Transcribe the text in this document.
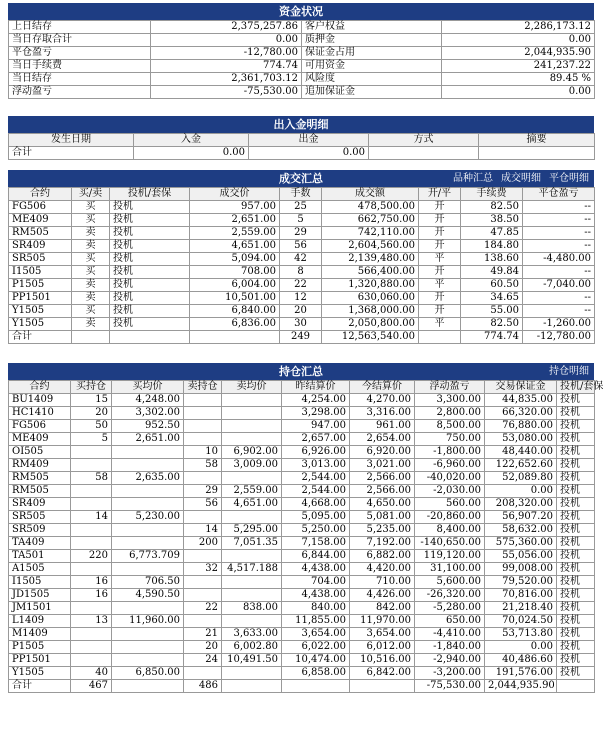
资金状况
上日结存	2,375,257.86	客户权益	2,286,173.12
当日存取合计	0.00	质押金	0.00
平仓盈亏	-12,780.00	保证金占用	2,044,935.90
当日手续费	774.74	可用资金	241,237.22
当日结存	2,361,703.12	风险度	89.45 %
浮动盈亏	-75,530.00	追加保证金	0.00
出入金明细
发生日期	入金	出金	方式	摘要
合计	0.00	0.00		
成交汇总	品种汇总 成交明细 平仓明细
合约	买/卖	投机/套保	成交价	手数	成交额	开/平	手续费	平仓盈亏
FG506	买	投机	957.00	25	478,500.00	开	82.50	--
ME409	买	投机	2,651.00	5	662,750.00	开	38.50	--
RM505	卖	投机	2,559.00	29	742,110.00	开	47.85	--
SR409	卖	投机	4,651.00	56	2,604,560.00	开	184.80	--
SR505	买	投机	5,094.00	42	2,139,480.00	平	138.60	-4,480.00
I1505	买	投机	708.00	8	566,400.00	开	49.84	--
P1505	卖	投机	6,004.00	22	1,320,880.00	平	60.50	-7,040.00
PP1501	卖	投机	10,501.00	12	630,060.00	开	34.65	--
Y1505	买	投机	6,840.00	20	1,368,000.00	开	55.00	--
Y1505	卖	投机	6,836.00	30	2,050,800.00	平	82.50	-1,260.00
合计				249	12,563,540.00		774.74	-12,780.00
持仓汇总	持仓明细
合约	买持仓	买均价	卖持仓	卖均价	昨结算价	今结算价	浮动盈亏	交易保证金	投机/套保
BU1409	15	4,248.00			4,254.00	4,270.00	3,300.00	44,835.00	投机
HC1410	20	3,302.00			3,298.00	3,316.00	2,800.00	66,320.00	投机
FG506	50	952.50			947.00	961.00	8,500.00	76,880.00	投机
ME409	5	2,651.00			2,657.00	2,654.00	750.00	53,080.00	投机
OI505			10	6,902.00	6,926.00	6,920.00	-1,800.00	48,440.00	投机
RM409			58	3,009.00	3,013.00	3,021.00	-6,960.00	122,652.60	投机
RM505	58	2,635.00			2,544.00	2,566.00	-40,020.00	52,089.80	投机
RM505			29	2,559.00	2,544.00	2,566.00	-2,030.00	0.00	投机
SR409			56	4,651.00	4,668.00	4,650.00	560.00	208,320.00	投机
SR505	14	5,230.00			5,095.00	5,081.00	-20,860.00	56,907.20	投机
SR509			14	5,295.00	5,250.00	5,235.00	8,400.00	58,632.00	投机
TA409			200	7,051.35	7,158.00	7,192.00	-140,650.00	575,360.00	投机
TA501	220	6,773.709			6,844.00	6,882.00	119,120.00	55,056.00	投机
A1505			32	4,517.188	4,438.00	4,420.00	31,100.00	99,008.00	投机
I1505	16	706.50			704.00	710.00	5,600.00	79,520.00	投机
JD1505	16	4,590.50			4,438.00	4,426.00	-26,320.00	70,816.00	投机
JM1501			22	838.00	840.00	842.00	-5,280.00	21,218.40	投机
L1409	13	11,960.00			11,855.00	11,970.00	650.00	70,024.50	投机
M1409			21	3,633.00	3,654.00	3,654.00	-4,410.00	53,713.80	投机
P1505			20	6,002.80	6,022.00	6,012.00	-1,840.00	0.00	投机
PP1501			24	10,491.50	10,474.00	10,516.00	-2,940.00	40,486.60	投机
Y1505	40	6,850.00			6,858.00	6,842.00	-3,200.00	191,576.00	投机
合计	467		486				-75,530.00	2,044,935.90	
